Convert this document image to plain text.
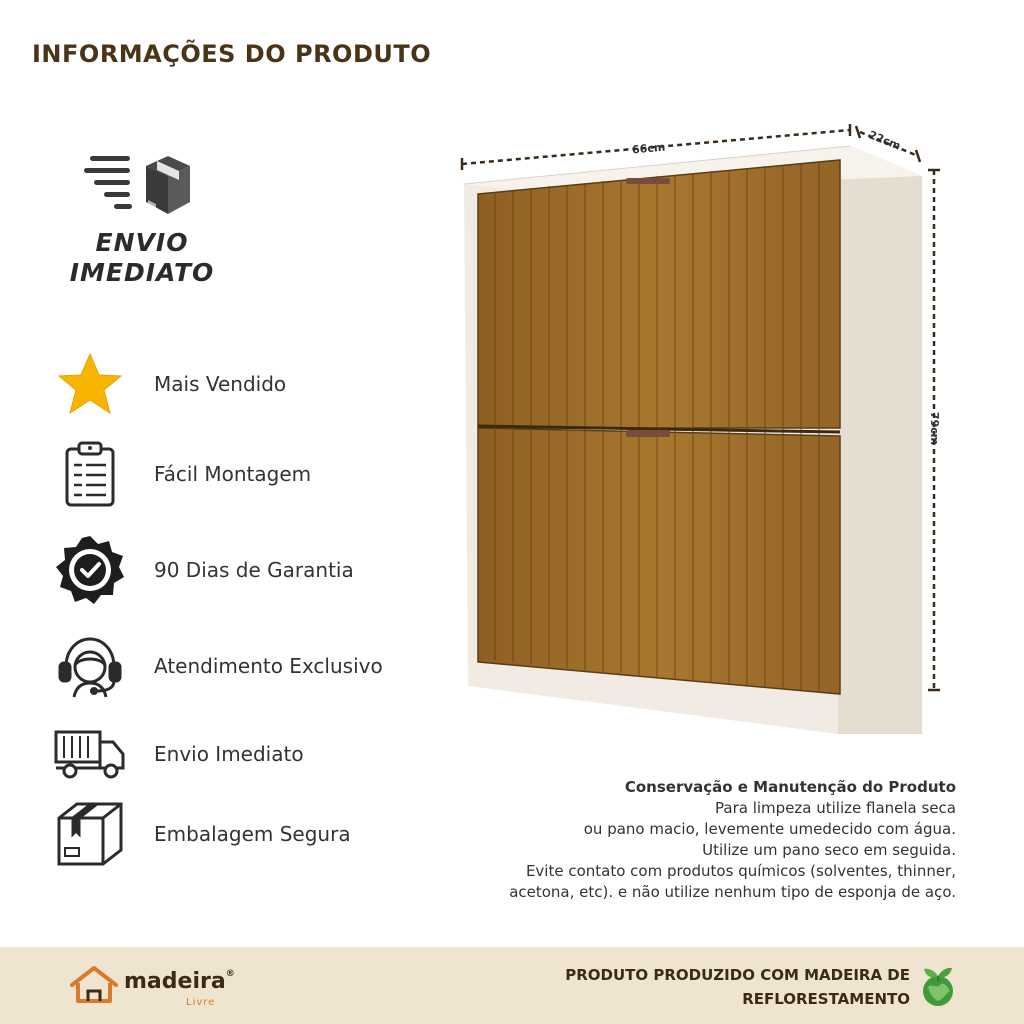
INFORMAÇÕES DO PRODUTO
ENVIO
IMEDIATO
Mais Vendido
Fácil Montagem
90 Dias de Garantia
Atendimento Exclusivo
Envio Imediato
Embalagem Segura
66cm	22cm
79cm
Conservação e Manutenção do Produto
Para limpeza utilize flanela seca
ou pano macio, levemente umedecido com água.
Utilize um pano seco em seguida.
Evite contato com produtos químicos (solventes, thinner,
acetona, etc). e não utilize nenhum tipo de esponja de aço.
madeira®
Livre
PRODUTO PRODUZIDO COM MADEIRA DE
REFLORESTAMENTO
